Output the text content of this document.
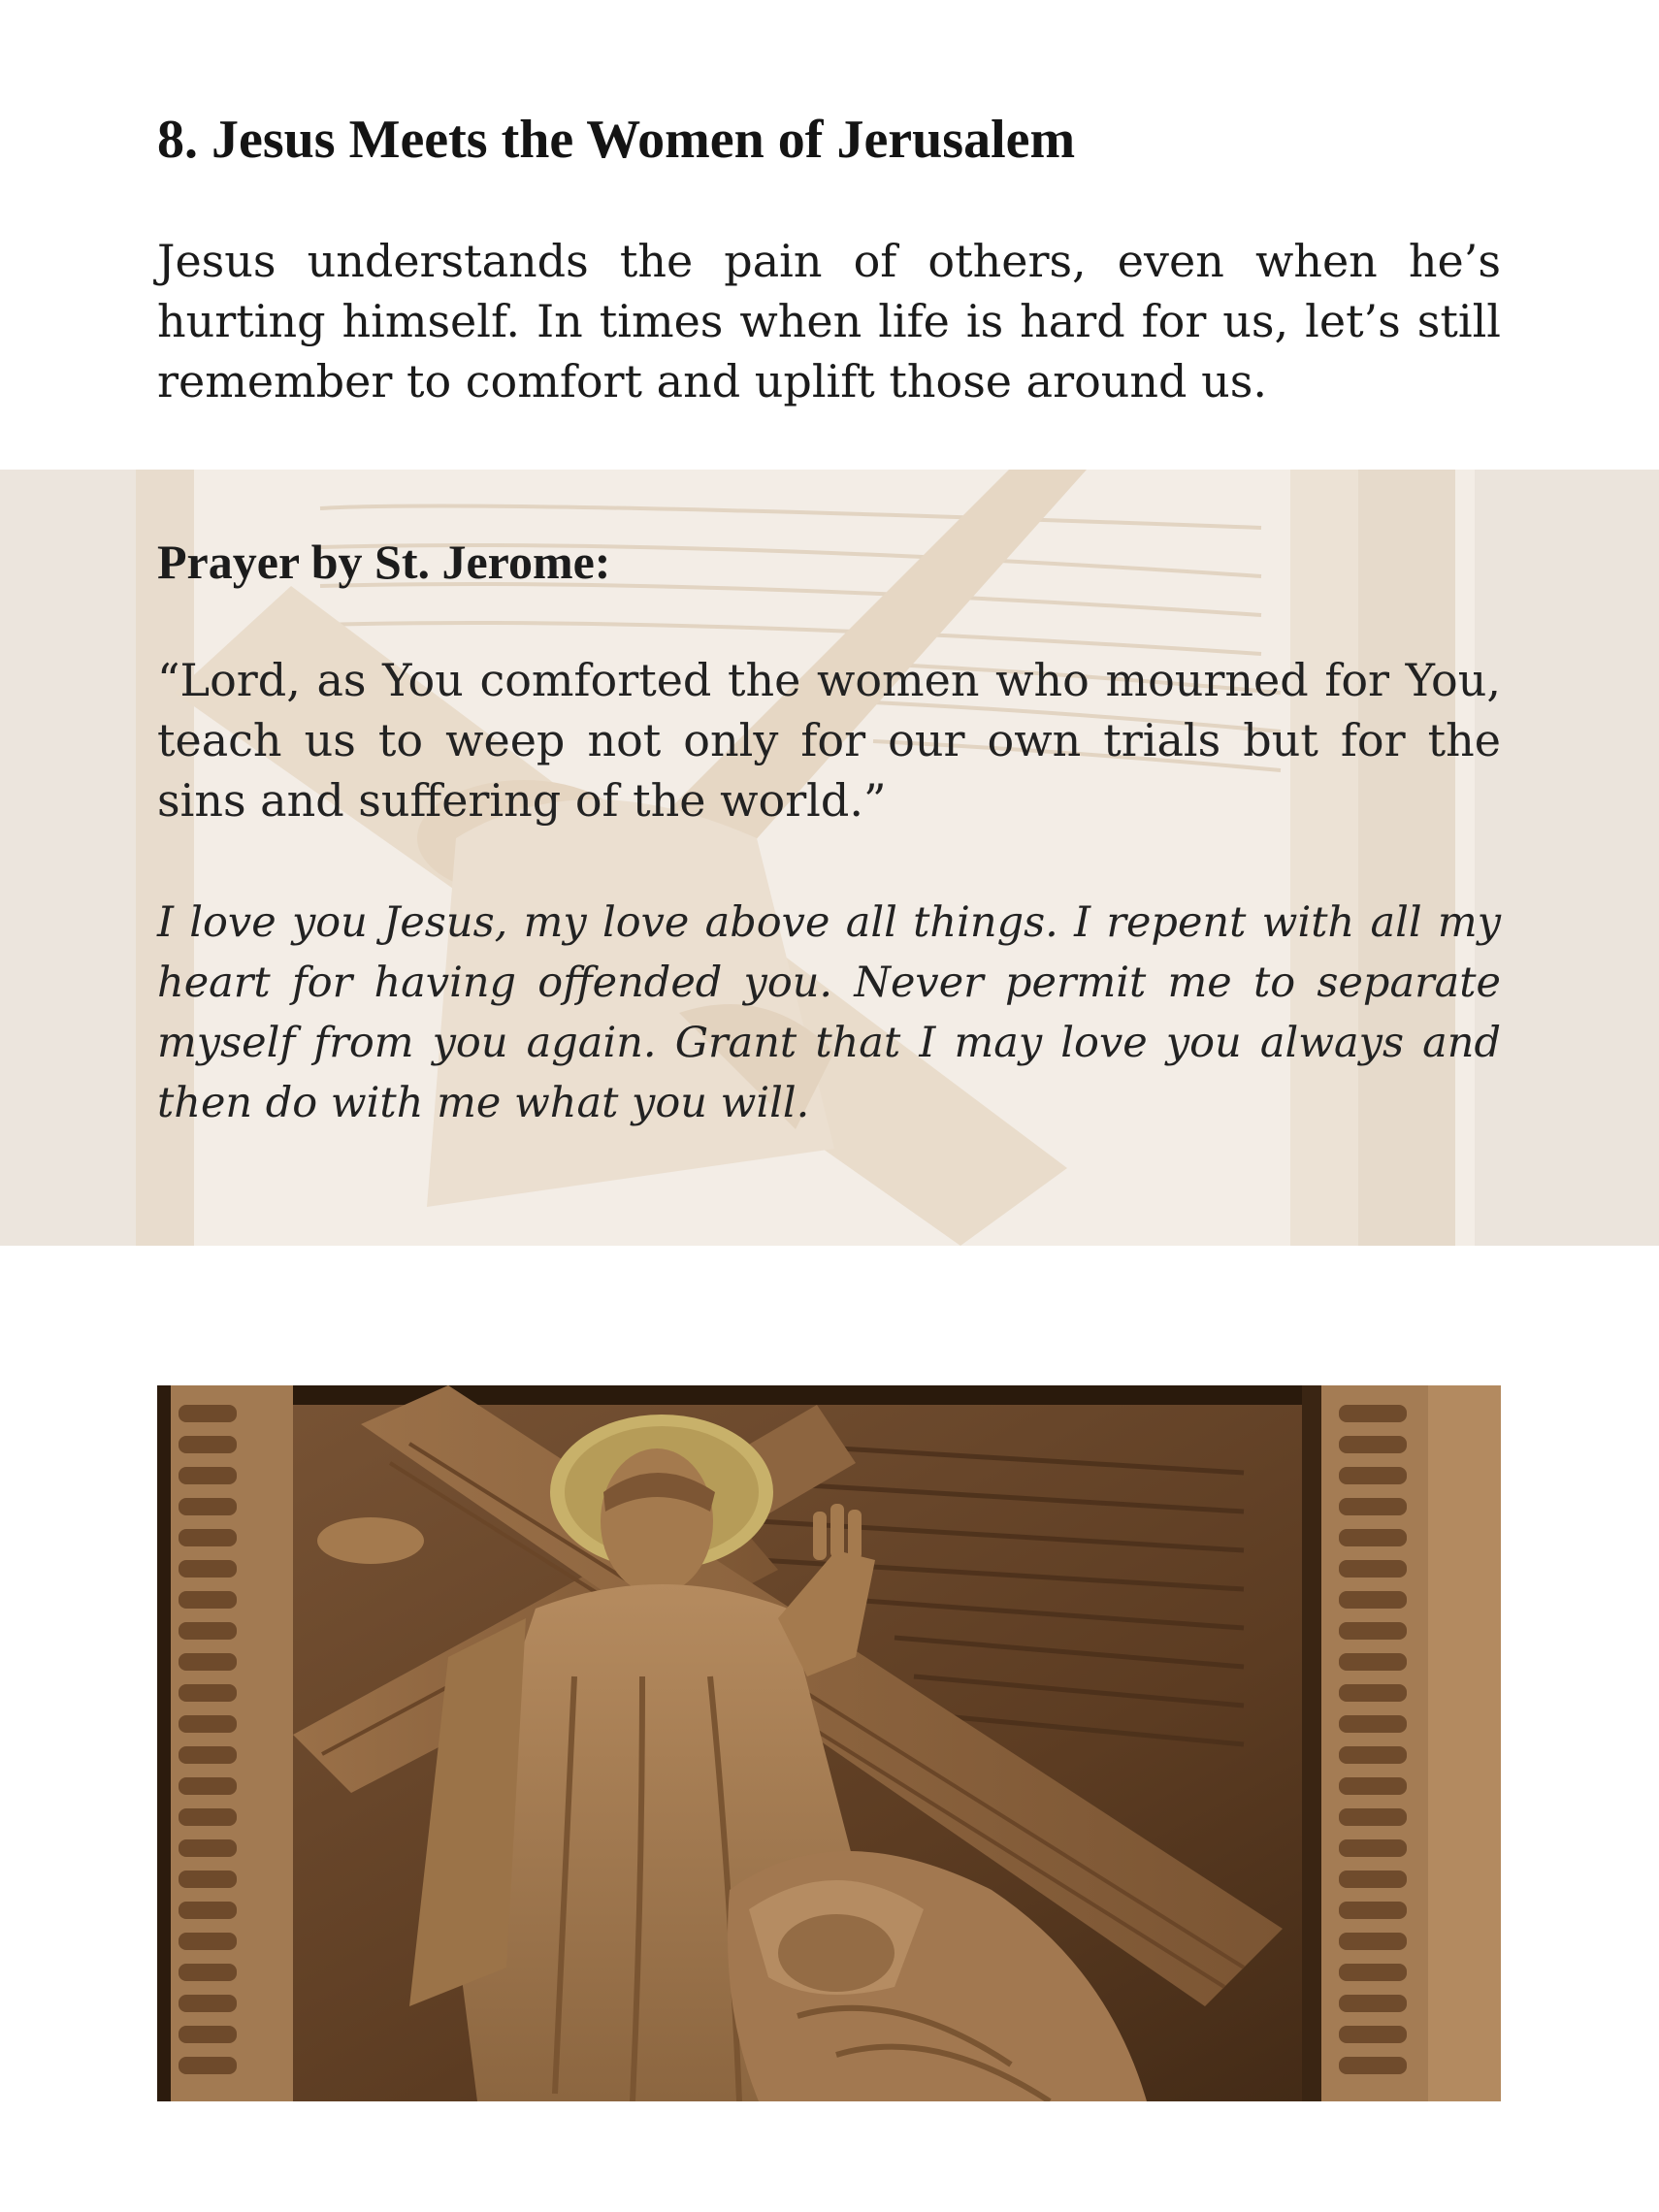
8. Jesus Meets the Women of Jerusalem

Jesus understands the pain of others, even when he’s hurting himself. In times when life is hard for us, let’s still remember to comfort and uplift those around us.

Prayer by St. Jerome:

“Lord, as You comforted the women who mourned for You, teach us to weep not only for our own trials but for the sins and suffering of the world.”

I love you Jesus, my love above all things. I repent with all my heart for having offended you. Never permit me to separate myself from you again. Grant that I may love you always and then do with me what you will.
